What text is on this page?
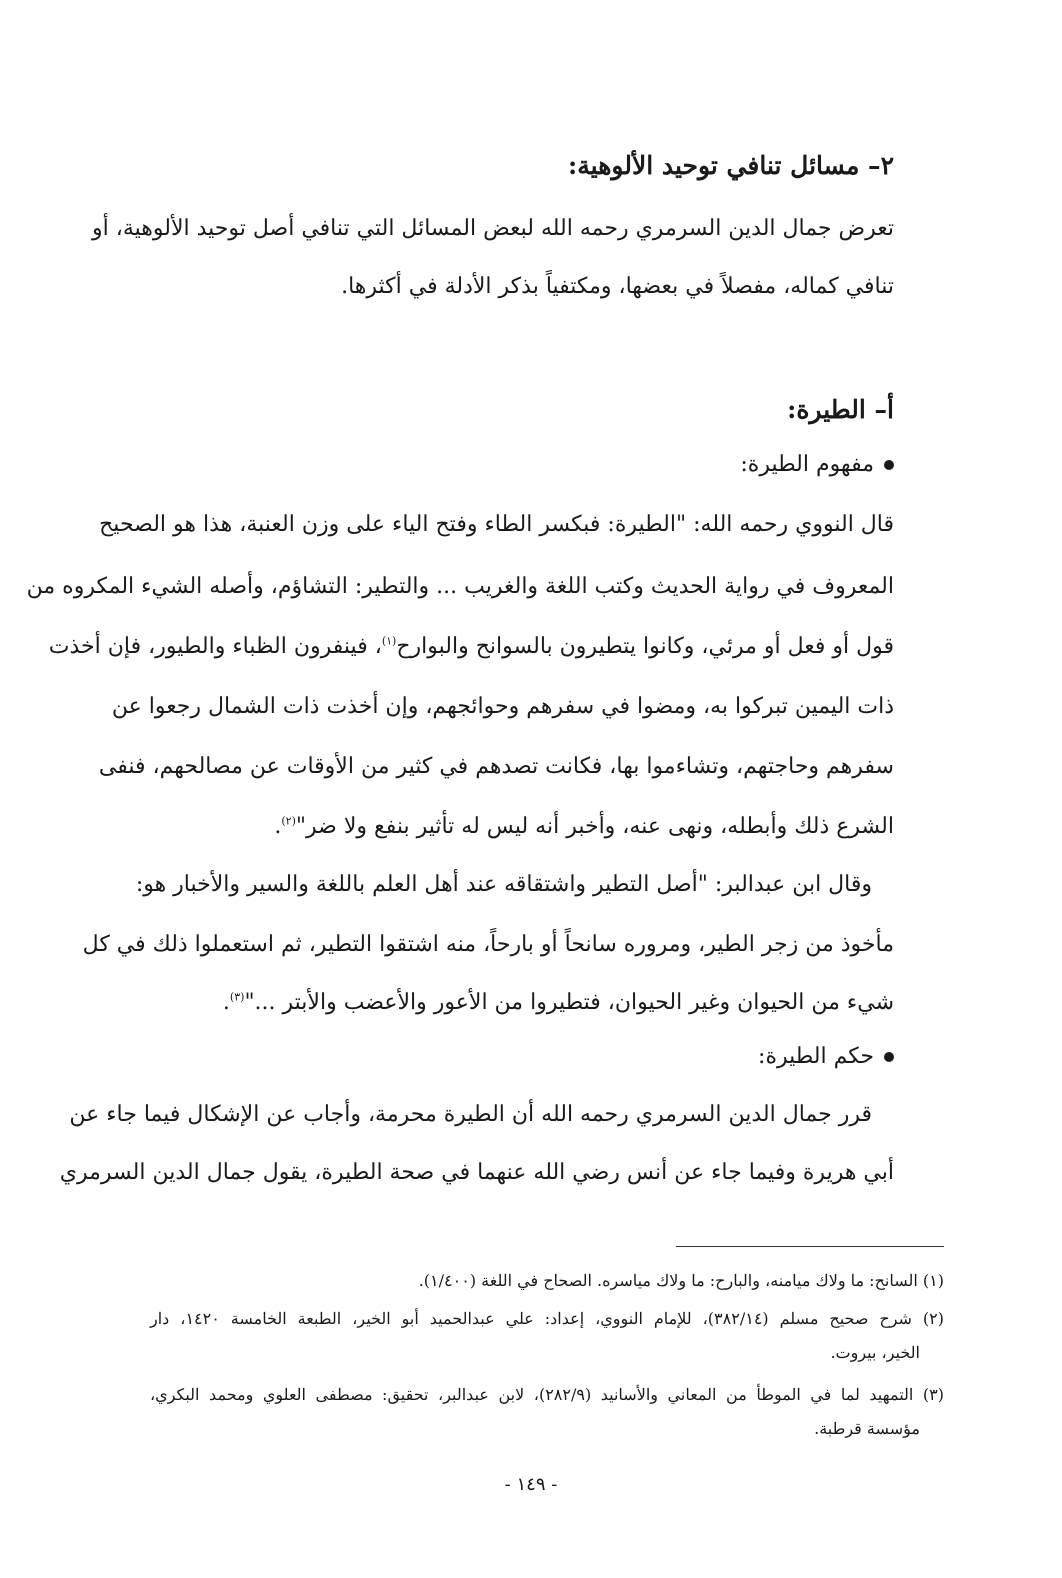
٢– مسائل تنافي توحيد الألوهية:
تعرض جمال الدين السرمري رحمه الله لبعض المسائل التي تنافي أصل توحيد الألوهية، أو
تنافي كماله، مفصلاً في بعضها، ومكتفياً بذكر الأدلة في أكثرها.
أ– الطيرة:
مفهوم الطيرة:
قال النووي رحمه الله: "الطيرة: فبكسر الطاء وفتح الياء على وزن العنبة، هذا هو الصحيح
المعروف في رواية الحديث وكتب اللغة والغريب ... والتطير: التشاؤم، وأصله الشيء المكروه من
قول أو فعل أو مرئي، وكانوا يتطيرون بالسوانح والبوارح$^{(١)}$، فينفرون الظباء والطيور، فإن أخذت
ذات اليمين تبركوا به، ومضوا في سفرهم وحوائجهم، وإن أخذت ذات الشمال رجعوا عن
سفرهم وحاجتهم، وتشاءموا بها، فكانت تصدهم في كثير من الأوقات عن مصالحهم، فنفى
الشرع ذلك وأبطله، ونهى عنه، وأخبر أنه ليس له تأثير بنفع ولا ضر"$^{(٢)}$.
وقال ابن عبدالبر: "أصل التطير واشتقاقه عند أهل العلم باللغة والسير والأخبار هو:
مأخوذ من زجر الطير، ومروره سانحاً أو بارحاً، منه اشتقوا التطير، ثم استعملوا ذلك في كل
شيء من الحيوان وغير الحيوان، فتطيروا من الأعور والأعضب والأبتر ..."$^{(٣)}$.
حكم الطيرة:
قرر جمال الدين السرمري رحمه الله أن الطيرة محرمة، وأجاب عن الإشكال فيما جاء عن
أبي هريرة وفيما جاء عن أنس رضي الله عنهما في صحة الطيرة، يقول جمال الدين السرمري
(١) السانح: ما ولاك ميامنه، والبارح: ما ولاك مياسره. الصحاح في اللغة (١/٤٠٠).
(٢) شرح صحيح مسلم (٣٨٢/١٤)، للإمام النووي، إعداد: علي عبدالحميد أبو الخير، الطبعة الخامسة ١٤٢٠، دار
الخير، بيروت.
(٣) التمهيد لما في الموطأ من المعاني والأسانيد (٢٨٢/٩)، لابن عبدالبر، تحقيق: مصطفى العلوي ومحمد البكري،
مؤسسة قرطبة.
- ١٤٩ -
